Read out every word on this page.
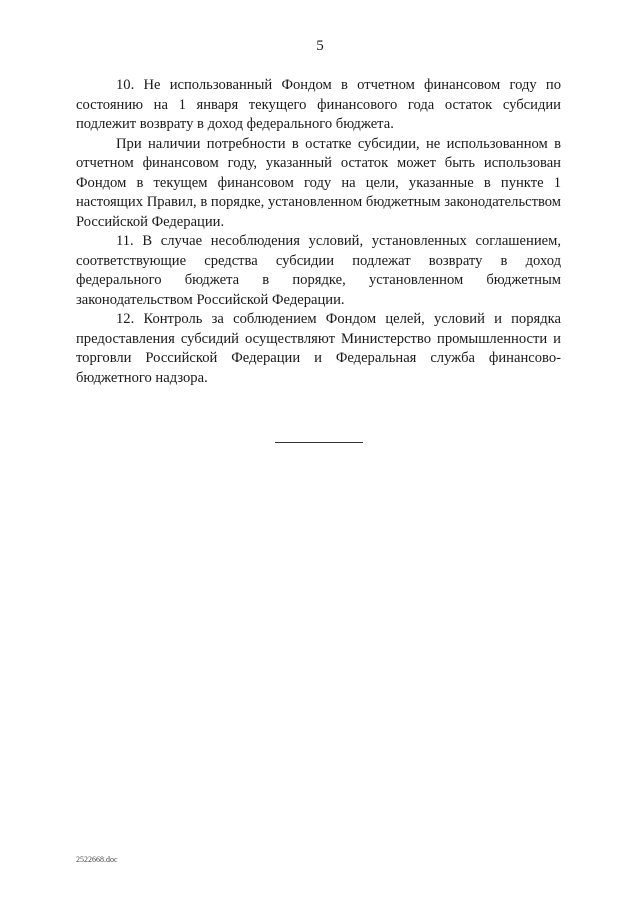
5

10. Не использованный Фондом в отчетном финансовом году по состоянию на 1 января текущего финансового года остаток субсидии подлежит возврату в доход федерального бюджета.

При наличии потребности в остатке субсидии, не использованном в отчетном финансовом году, указанный остаток может быть использован Фондом в текущем финансовом году на цели, указанные в пункте 1 настоящих Правил, в порядке, установленном бюджетным законодательством Российской Федерации.

11. В случае несоблюдения условий, установленных соглашением, соответствующие средства субсидии подлежат возврату в доход федерального бюджета в порядке, установленном бюджетным законодательством Российской Федерации.

12. Контроль за соблюдением Фондом целей, условий и порядка предоставления субсидий осуществляют Министерство промышленности и торговли Российской Федерации и Федеральная служба финансово-бюджетного надзора.

2522668.doc
